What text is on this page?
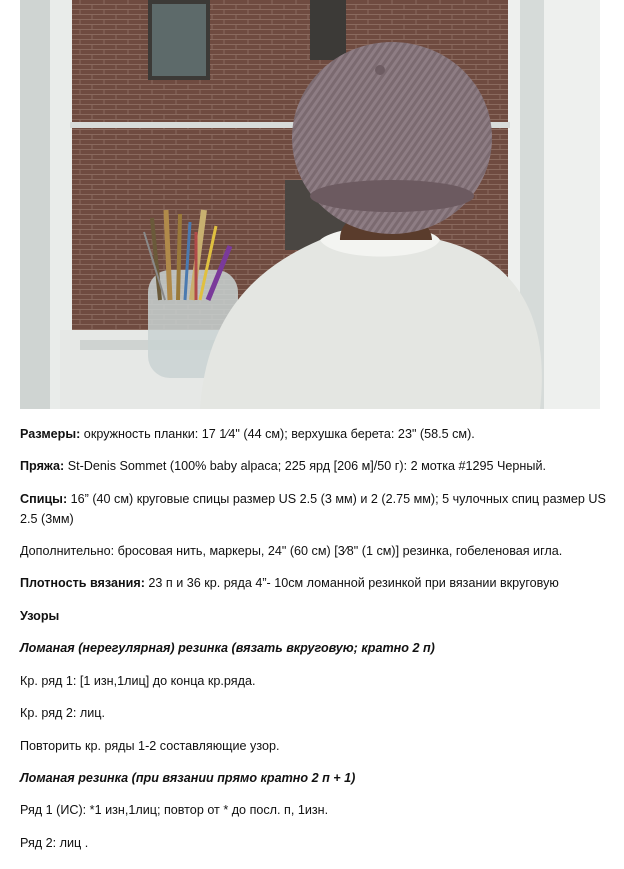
Размеры: окружность планки: 17 1⁄4" (44 см); верхушка берета: 23" (58.5 см).

Пряжа: St-Denis Sommet (100% baby alpaca; 225 ярд [206 м]/50 г): 2 мотка #1295 Черный.

Спицы: 16” (40 см) круговые спицы размер US 2.5 (3 мм) и 2 (2.75 мм); 5 чулочных спиц размер US 2.5 (3мм)

Дополнительно: бросовая нить, маркеры, 24" (60 см) [3⁄8" (1 см)] резинка, гобеленовая игла.

Плотность вязания: 23 п и 36 кр. ряда 4”- 10см ломанной резинкой при вязании вкруговую

Узоры

Ломаная (нерегулярная) резинка (вязать вкруговую; кратно 2 п)

Кр. ряд 1: [1 изн,1лиц] до конца кр.ряда.

Кр. ряд 2: лиц.

Повторить кр. ряды 1-2 составляющие узор.

Ломаная резинка (при вязании прямо кратно 2 п + 1)

Ряд 1 (ИС): *1 изн,1лиц; повтор от * до посл. п, 1изн.

Ряд 2: лиц .
